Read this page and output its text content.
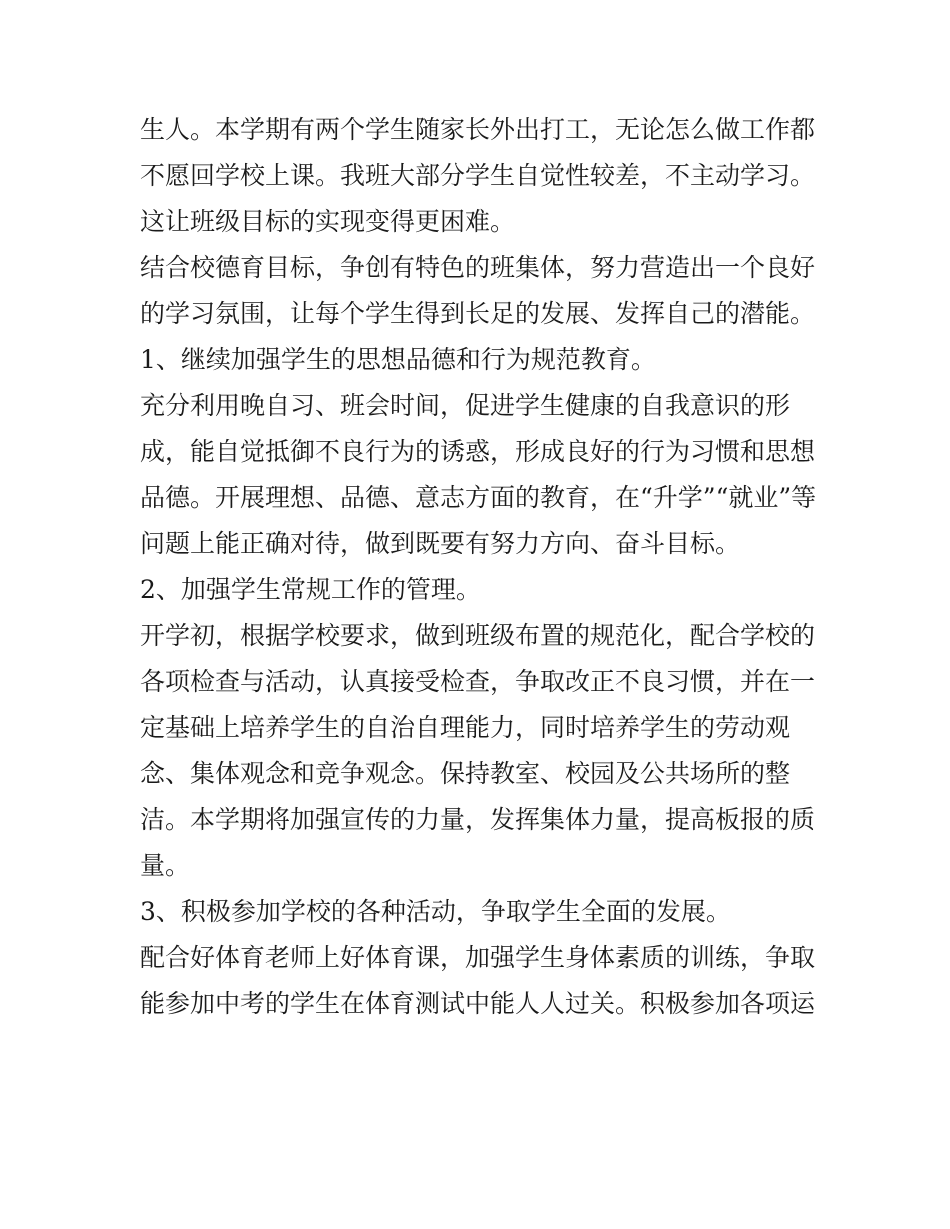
生人。本学期有两个学生随家长外出打工，无论怎么做工作都
不愿回学校上课。我班大部分学生自觉性较差，不主动学习。
这让班级目标的实现变得更困难。
结合校德育目标，争创有特色的班集体，努力营造出一个良好
的学习氛围，让每个学生得到长足的发展、发挥自己的潜能。
1、继续加强学生的思想品德和行为规范教育。
充分利用晚自习、班会时间，促进学生健康的自我意识的形
成，能自觉抵御不良行为的诱惑，形成良好的行为习惯和思想
品德。开展理想、品德、意志方面的教育，在“升学”“就业”等
问题上能正确对待，做到既要有努力方向、奋斗目标。
2、加强学生常规工作的管理。
开学初，根据学校要求，做到班级布置的规范化，配合学校的
各项检查与活动，认真接受检查，争取改正不良习惯，并在一
定基础上培养学生的自治自理能力，同时培养学生的劳动观
念、集体观念和竞争观念。保持教室、校园及公共场所的整
洁。本学期将加强宣传的力量，发挥集体力量，提高板报的质
量。
3、积极参加学校的各种活动，争取学生全面的发展。
配合好体育老师上好体育课，加强学生身体素质的训练，争取
能参加中考的学生在体育测试中能人人过关。积极参加各项运
